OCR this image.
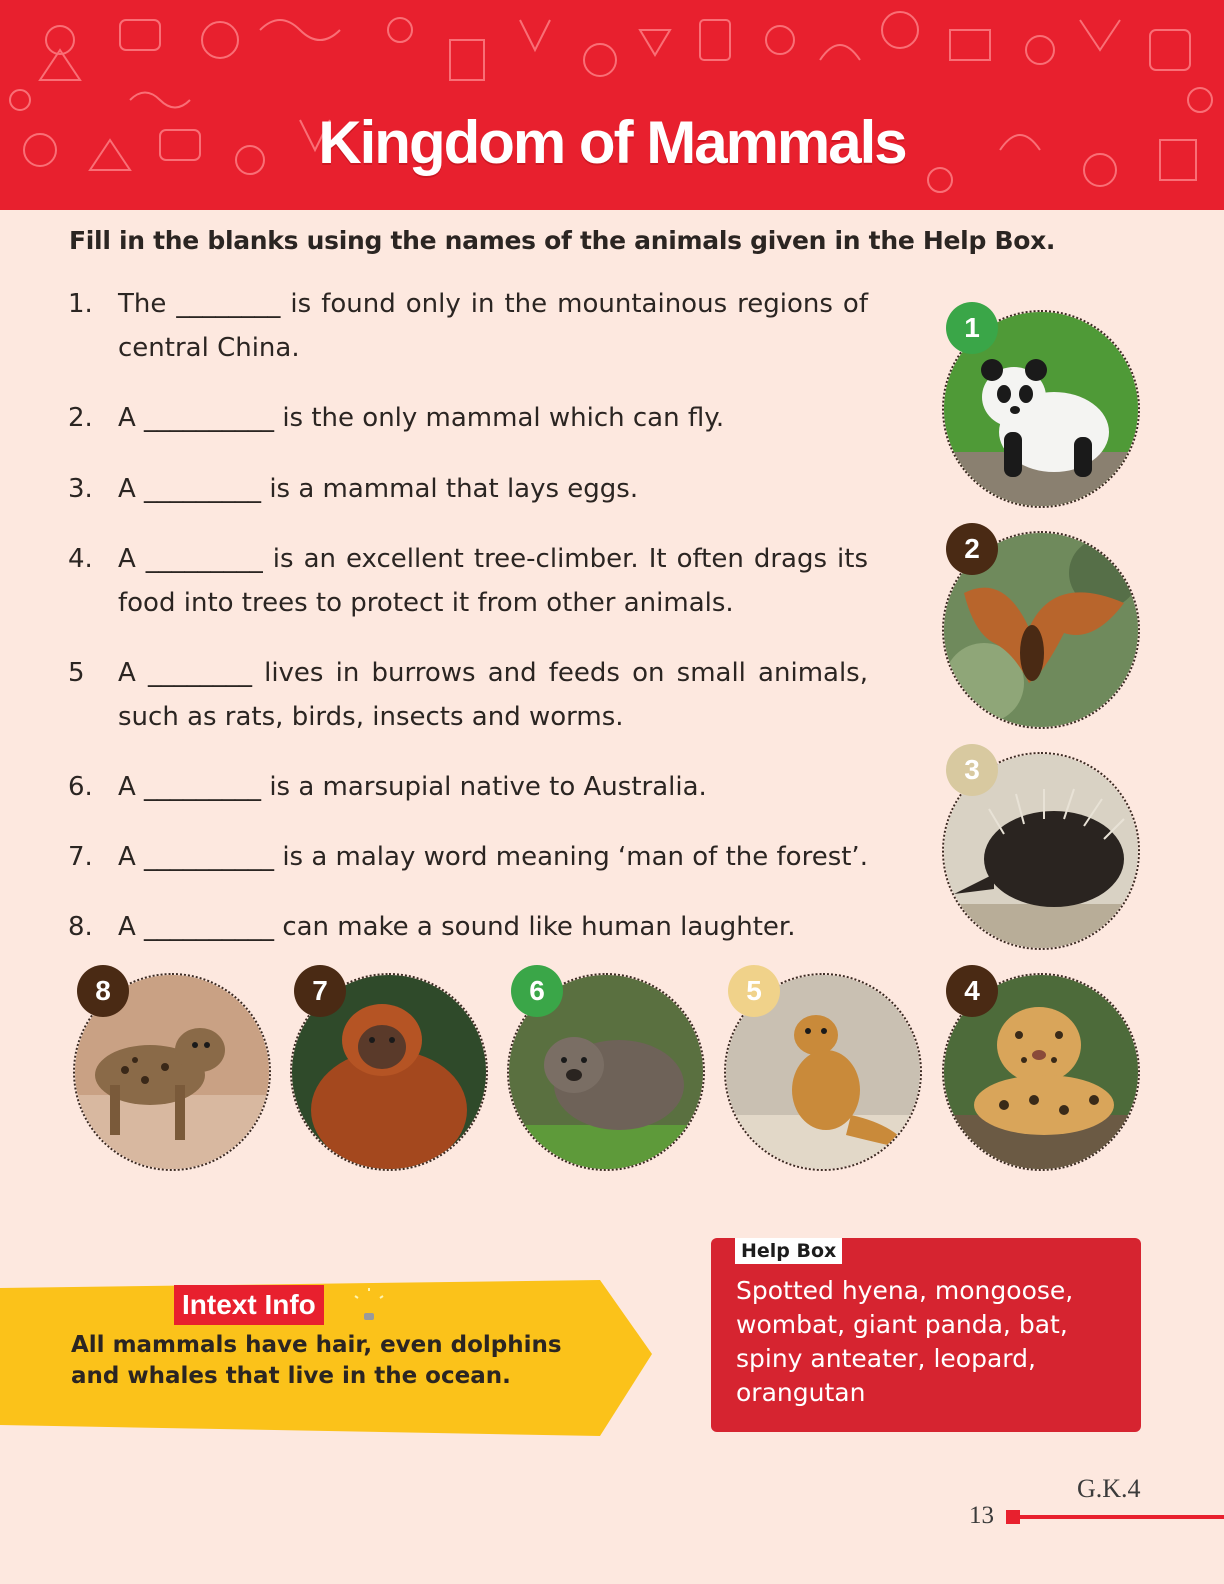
Kingdom of Mammals

Fill in the blanks using the names of the animals given in the Help Box.

1. The ________ is found only in the mountainous regions of central China.
2. A __________ is the only mammal which can fly.
3. A _________ is a mammal that lays eggs.
4. A _________ is an excellent tree-climber. It often drags its food into trees to protect it from other animals.
5	A ________ lives in burrows and feeds on small animals, such as rats, birds, insects and worms.
6. A _________ is a marsupial native to Australia.
7. A __________ is a malay word meaning ‘man of the forest’.
8. A __________ can make a sound like human laughter.
1
2
3
4
5
6
7
8
Intext Info

All mammals have hair, even dolphins and whales that live in the ocean.

Help Box

Spotted hyena, mongoose, wombat, giant panda, bat, spiny anteater, leopard, orangutan

G.K.4
13
